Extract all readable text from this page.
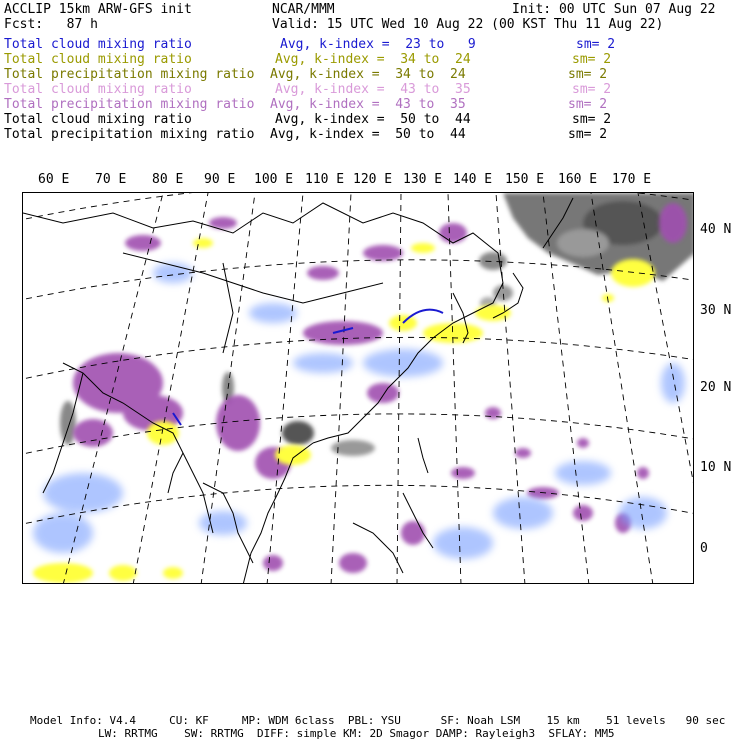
ACCLIP 15km ARW-GFS init	NCAR/MMM	Init: 00 UTC Sun 07 Aug 22
Fcst:   87 h	Valid: 15 UTC Wed 10 Aug 22 (00 KST Thu 11 Aug 22)
Total cloud mixing ratio	Avg, k-index =  23 to   9	sm= 2
Total cloud mixing ratio	Avg, k-index =  34 to  24	sm= 2
Total precipitation mixing ratio Avg, k-index =  34 to  24	sm= 2
Total cloud mixing ratio	Avg, k-index =  43 to  35	sm= 2
Total precipitation mixing ratio Avg, k-index =  43 to  35	sm= 2
Total cloud mixing ratio	Avg, k-index =  50 to  44	sm= 2
Total precipitation mixing ratio Avg, k-index =  50 to  44	sm= 2
60 E 70 E 80 E 90 E 100 E 110 E 120 E 130 E 140 E 150 E 160 E 170 E
40 N
30 N
20 N
10 N
0
Model Info: V4.4     CU: KF     MP: WDM 6class  PBL: YSU      SF: Noah LSM    15 km    51 levels   90 sec
LW: RRTMG    SW: RRTMG  DIFF: simple KM: 2D Smagor DAMP: Rayleigh3  SFLAY: MM5
